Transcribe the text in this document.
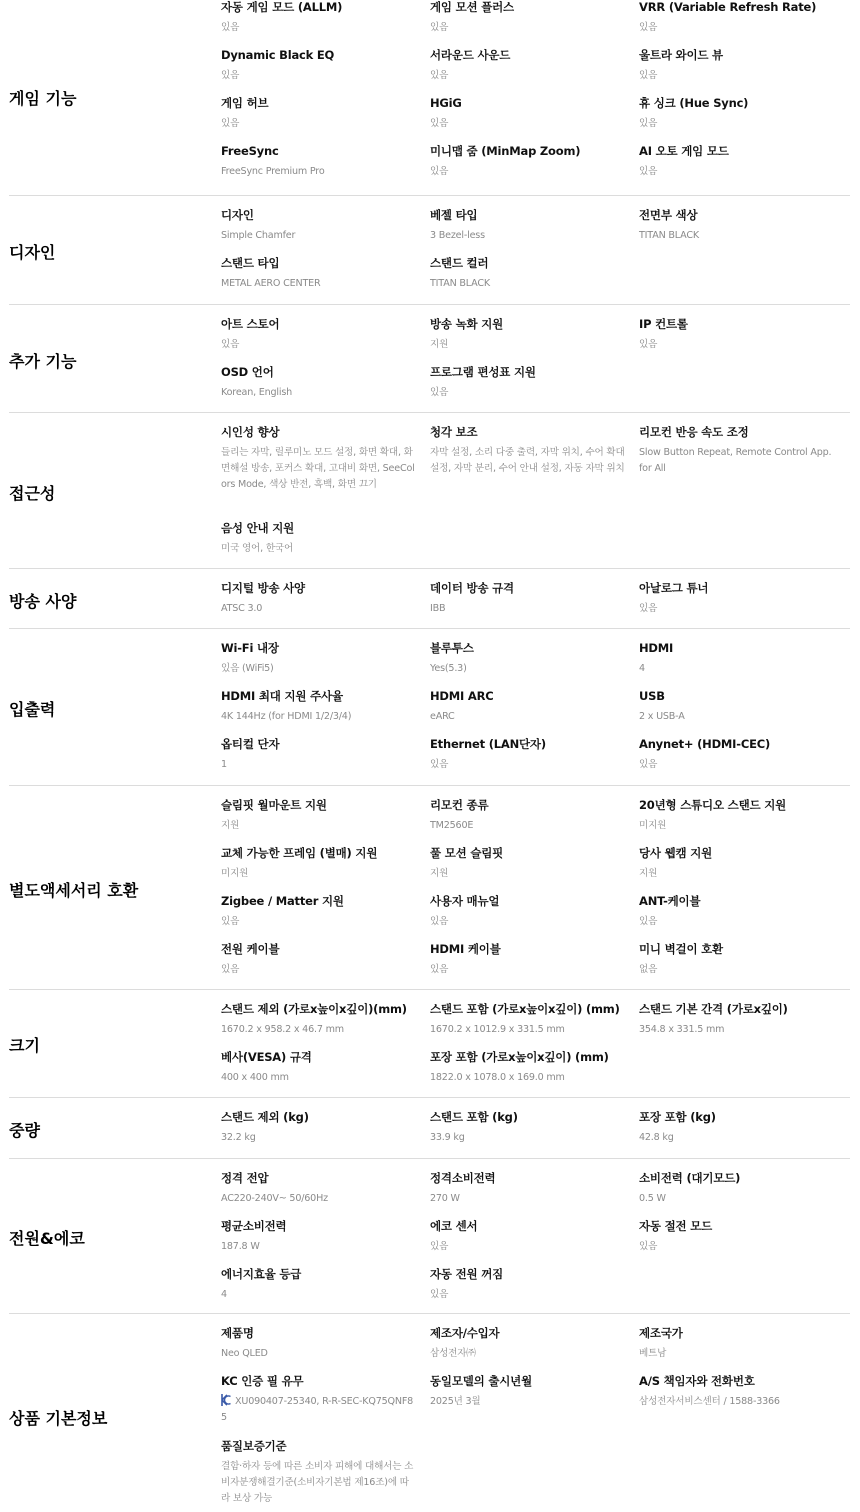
게임 기능
자동 게임 모드 (ALLM)
있음
게임 모션 플러스
있음
VRR (Variable Refresh Rate)
있음
Dynamic Black EQ
있음
서라운드 사운드
있음
울트라 와이드 뷰
있음
게임 허브
있음
HGiG
있음
휴 싱크 (Hue Sync)
있음
FreeSync
FreeSync Premium Pro
미니맵 줌 (MinMap Zoom)
있음
AI 오토 게임 모드
있음
디자인
디자인
Simple Chamfer
베젤 타입
3 Bezel-less
전면부 색상
TITAN BLACK
스탠드 타입
METAL AERO CENTER
스탠드 컬러
TITAN BLACK
추가 기능
아트 스토어
있음
방송 녹화 지원
지원
IP 컨트롤
있음
OSD 언어
Korean, English
프로그램 편성표 지원
있음
접근성
시인성 향상
들리는 자막, 릴루미노 모드 설정, 화면 확대, 화면해설 방송, 포커스 확대, 고대비 화면, SeeColors Mode, 색상 반전, 흑백, 화면 끄기
청각 보조
자막 설정, 소리 다중 출력, 자막 위치, 수어 확대 설정, 자막 분리, 수어 안내 설정, 자동 자막 위치
리모컨 반응 속도 조정
Slow Button Repeat, Remote Control App. for All
음성 안내 지원
미국 영어, 한국어
방송 사양
디지털 방송 사양
ATSC 3.0
데이터 방송 규격
IBB
아날로그 튜너
있음
입출력
Wi-Fi 내장
있음 (WiFi5)
블루투스
Yes(5.3)
HDMI
4
HDMI 최대 지원 주사율
4K 144Hz (for HDMI 1/2/3/4)
HDMI ARC
eARC
USB
2 x USB-A
옵티컬 단자
1
Ethernet (LAN단자)
있음
Anynet+ (HDMI-CEC)
있음
별도액세서리 호환
슬림핏 월마운트 지원
지원
리모컨 종류
TM2560E
20년형 스튜디오 스탠드 지원
미지원
교체 가능한 프레임 (별매) 지원
미지원
풀 모션 슬림핏
지원
당사 웹캠 지원
지원
Zigbee / Matter 지원
있음
사용자 매뉴얼
있음
ANT-케이블
있음
전원 케이블
있음
HDMI 케이블
있음
미니 벽걸이 호환
없음
크기
스탠드 제외 (가로x높이x깊이)(mm)
1670.2 x 958.2 x 46.7 mm
스탠드 포함 (가로x높이x깊이) (mm)
1670.2 x 1012.9 x 331.5 mm
스탠드 기본 간격 (가로x깊이)
354.8 x 331.5 mm
베사(VESA) 규격
400 x 400 mm
포장 포함 (가로x높이x깊이) (mm)
1822.0 x 1078.0 x 169.0 mm
중량
스탠드 제외 (kg)
32.2 kg
스탠드 포함 (kg)
33.9 kg
포장 포함 (kg)
42.8 kg
전원&에코
정격 전압
AC220-240V~ 50/60Hz
정격소비전력
270 W
소비전력 (대기모드)
0.5 W
평균소비전력
187.8 W
에코 센서
있음
자동 절전 모드
있음
에너지효율 등급
4
자동 전원 꺼짐
있음
상품 기본정보
제품명
Neo QLED
제조자/수입자
삼성전자㈜
제조국가
베트남
KC 인증 필 유무
XU090407-25340, R-R-SEC-KQ75QNF85
동일모델의 출시년월
2025년 3월
A/S 책임자와 전화번호
삼성전자서비스센터 / 1588-3366
품질보증기준
결함·하자 등에 따른 소비자 피해에 대해서는 소비자분쟁해결기준(소비자기본법 제16조)에 따라 보상 가능
